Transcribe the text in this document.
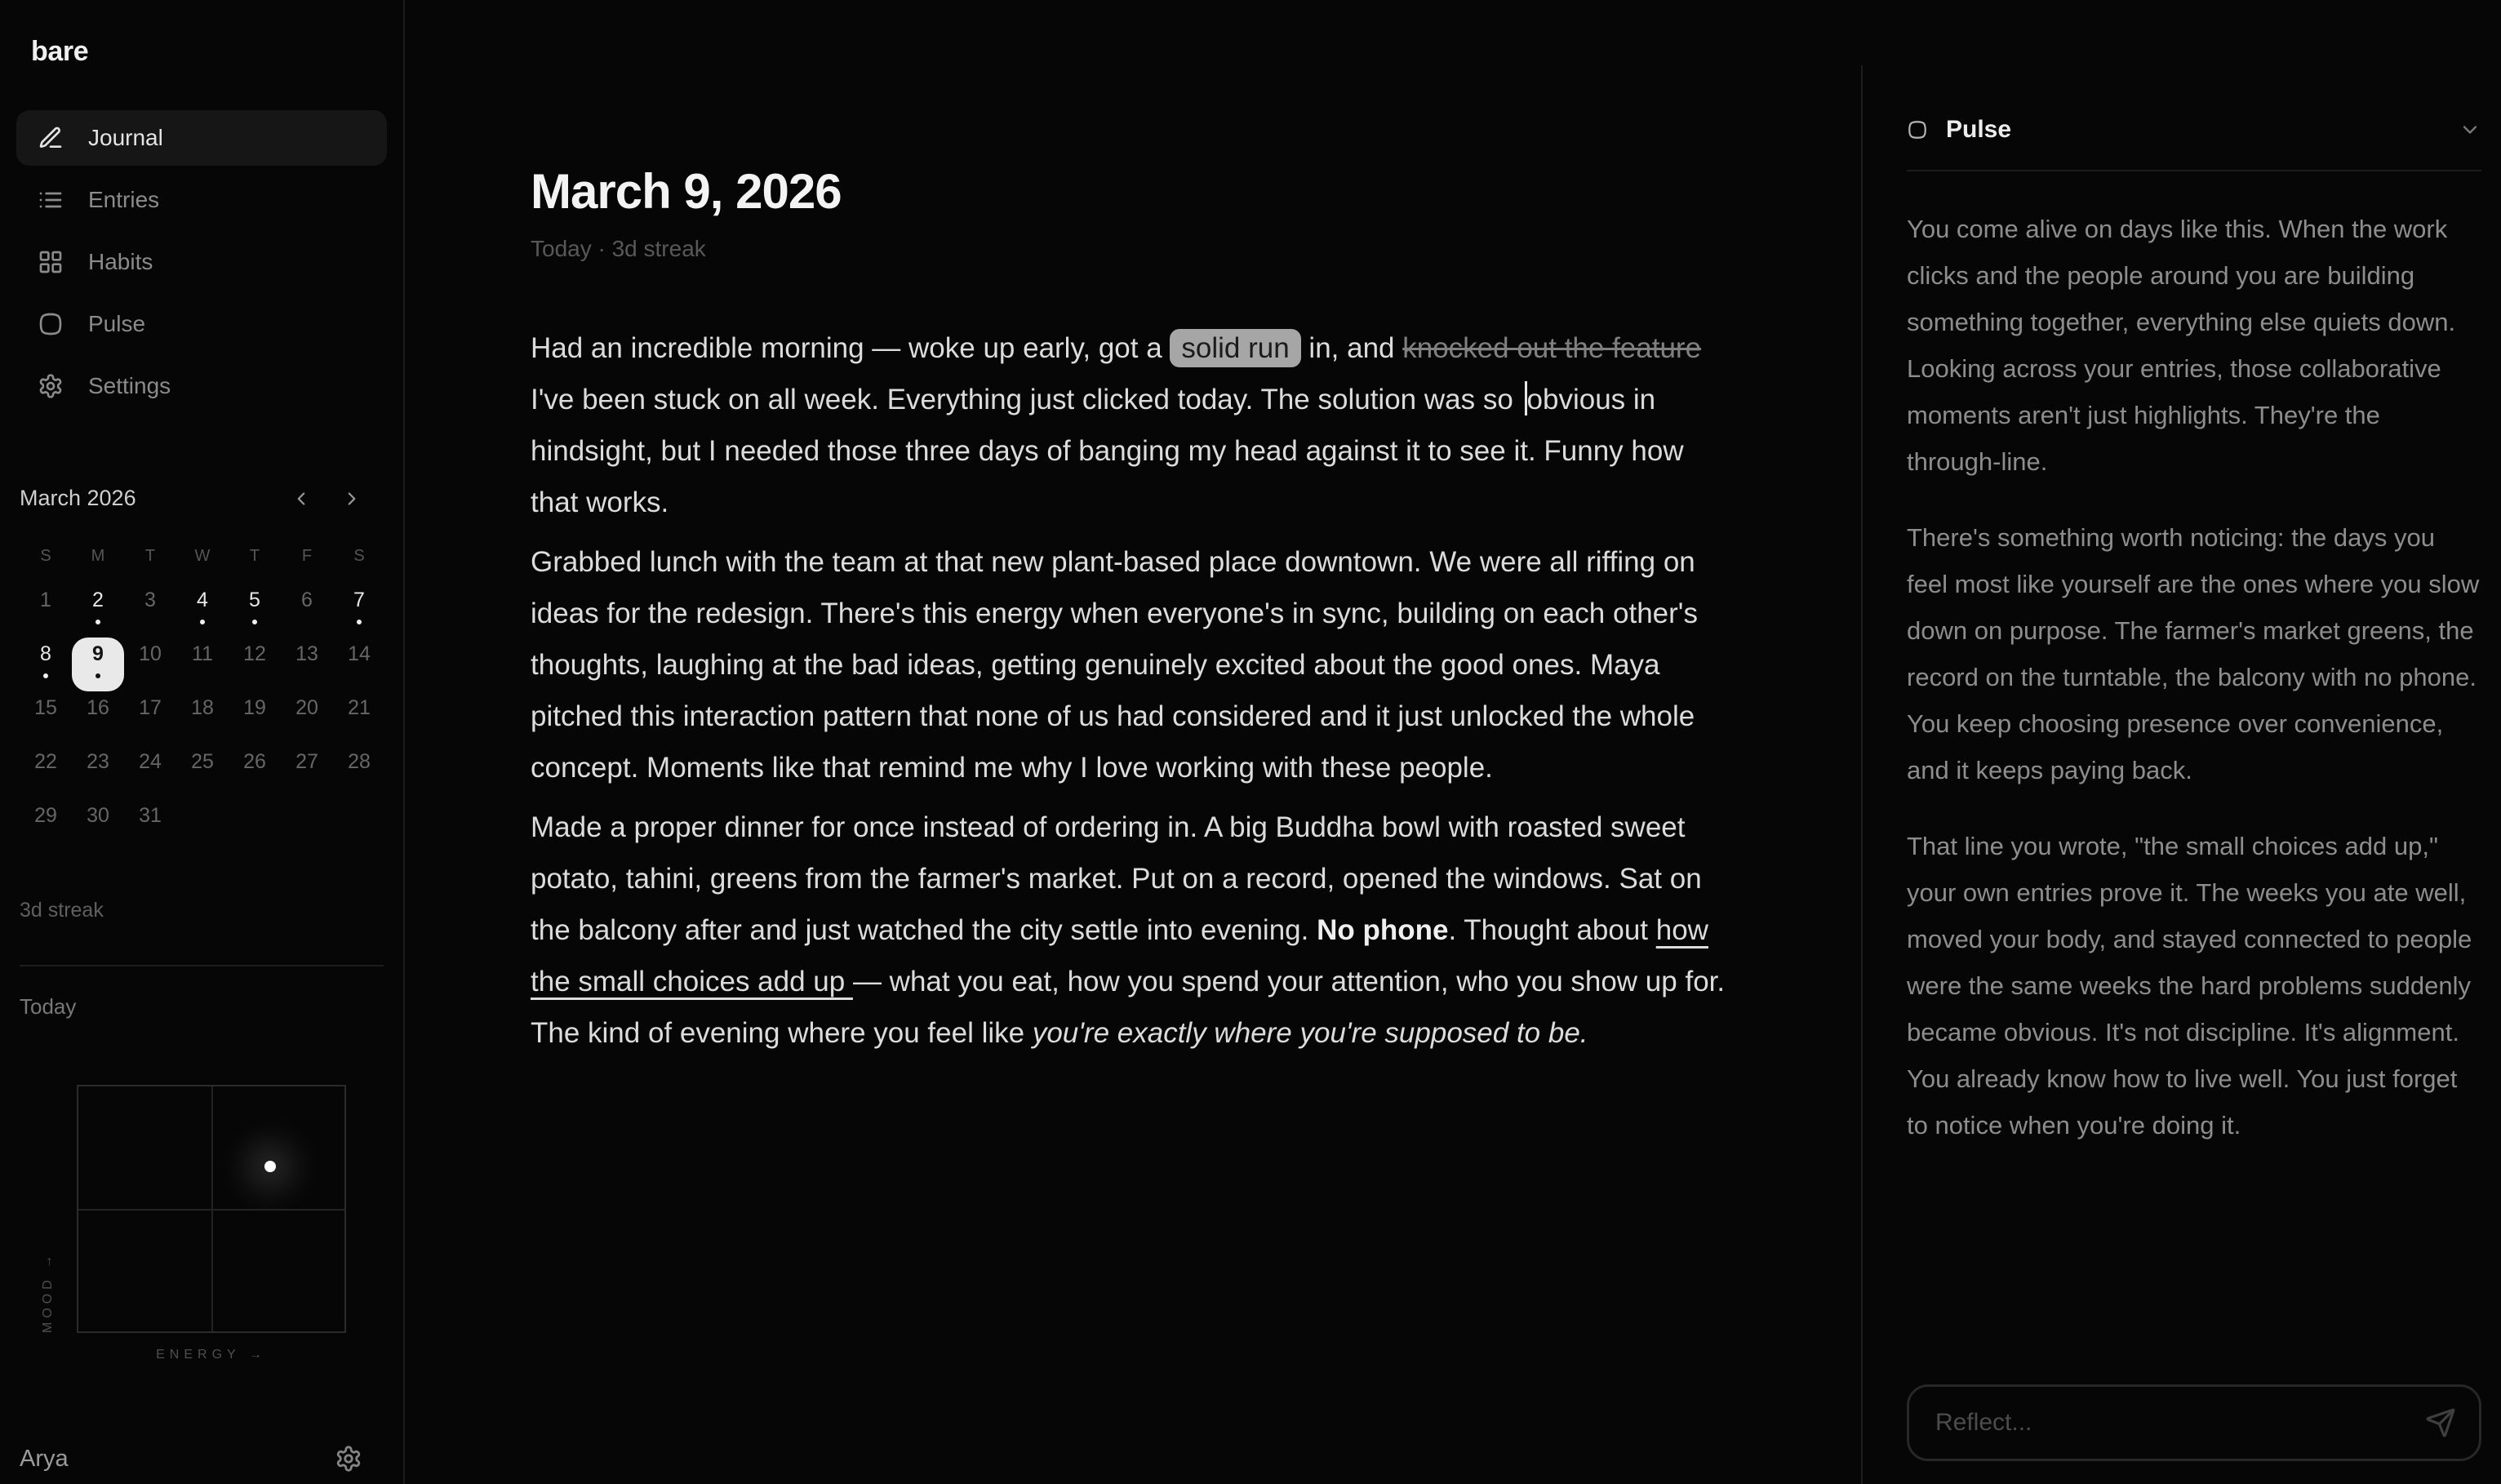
bare
Journal
Entries
Habits
Pulse
Settings
March 2026
S	M	T	W	T	F	S
1	2	3	4	5	6	7
8	9	10	11	12	13	14
15	16	17	18	19	20	21
22	23	24	25	26	27	28
29	30	31
3d streak
Today
MOOD →
ENERGY →
Arya
March 9, 2026
Today · 3d streak

Had an incredible morning — woke up early, got a solid run in, and knocked out the feature I've been stuck on all week. Everything just clicked today. The solution was so obvious in hindsight, but I needed those three days of banging my head against it to see it. Funny how that works.

Grabbed lunch with the team at that new plant-based place downtown. We were all riffing on ideas for the redesign. There's this energy when everyone's in sync, building on each other's thoughts, laughing at the bad ideas, getting genuinely excited about the good ones. Maya pitched this interaction pattern that none of us had considered and it just unlocked the whole concept. Moments like that remind me why I love working with these people.

Made a proper dinner for once instead of ordering in. A big Buddha bowl with roasted sweet potato, tahini, greens from the farmer's market. Put on a record, opened the windows. Sat on the balcony after and just watched the city settle into evening. No phone. Thought about how the small choices add up — what you eat, how you spend your attention, who you show up for. The kind of evening where you feel like you're exactly where you're supposed to be.

Pulse

You come alive on days like this. When the work clicks and the people around you are building something together, everything else quiets down. Looking across your entries, those collaborative moments aren't just highlights. They're the through-line.

There's something worth noticing: the days you feel most like yourself are the ones where you slow down on purpose. The farmer's market greens, the record on the turntable, the balcony with no phone. You keep choosing presence over convenience, and it keeps paying back.

That line you wrote, "the small choices add up," your own entries prove it. The weeks you ate well, moved your body, and stayed connected to people were the same weeks the hard problems suddenly became obvious. It's not discipline. It's alignment. You already know how to live well. You just forget to notice when you're doing it.

Reflect...
